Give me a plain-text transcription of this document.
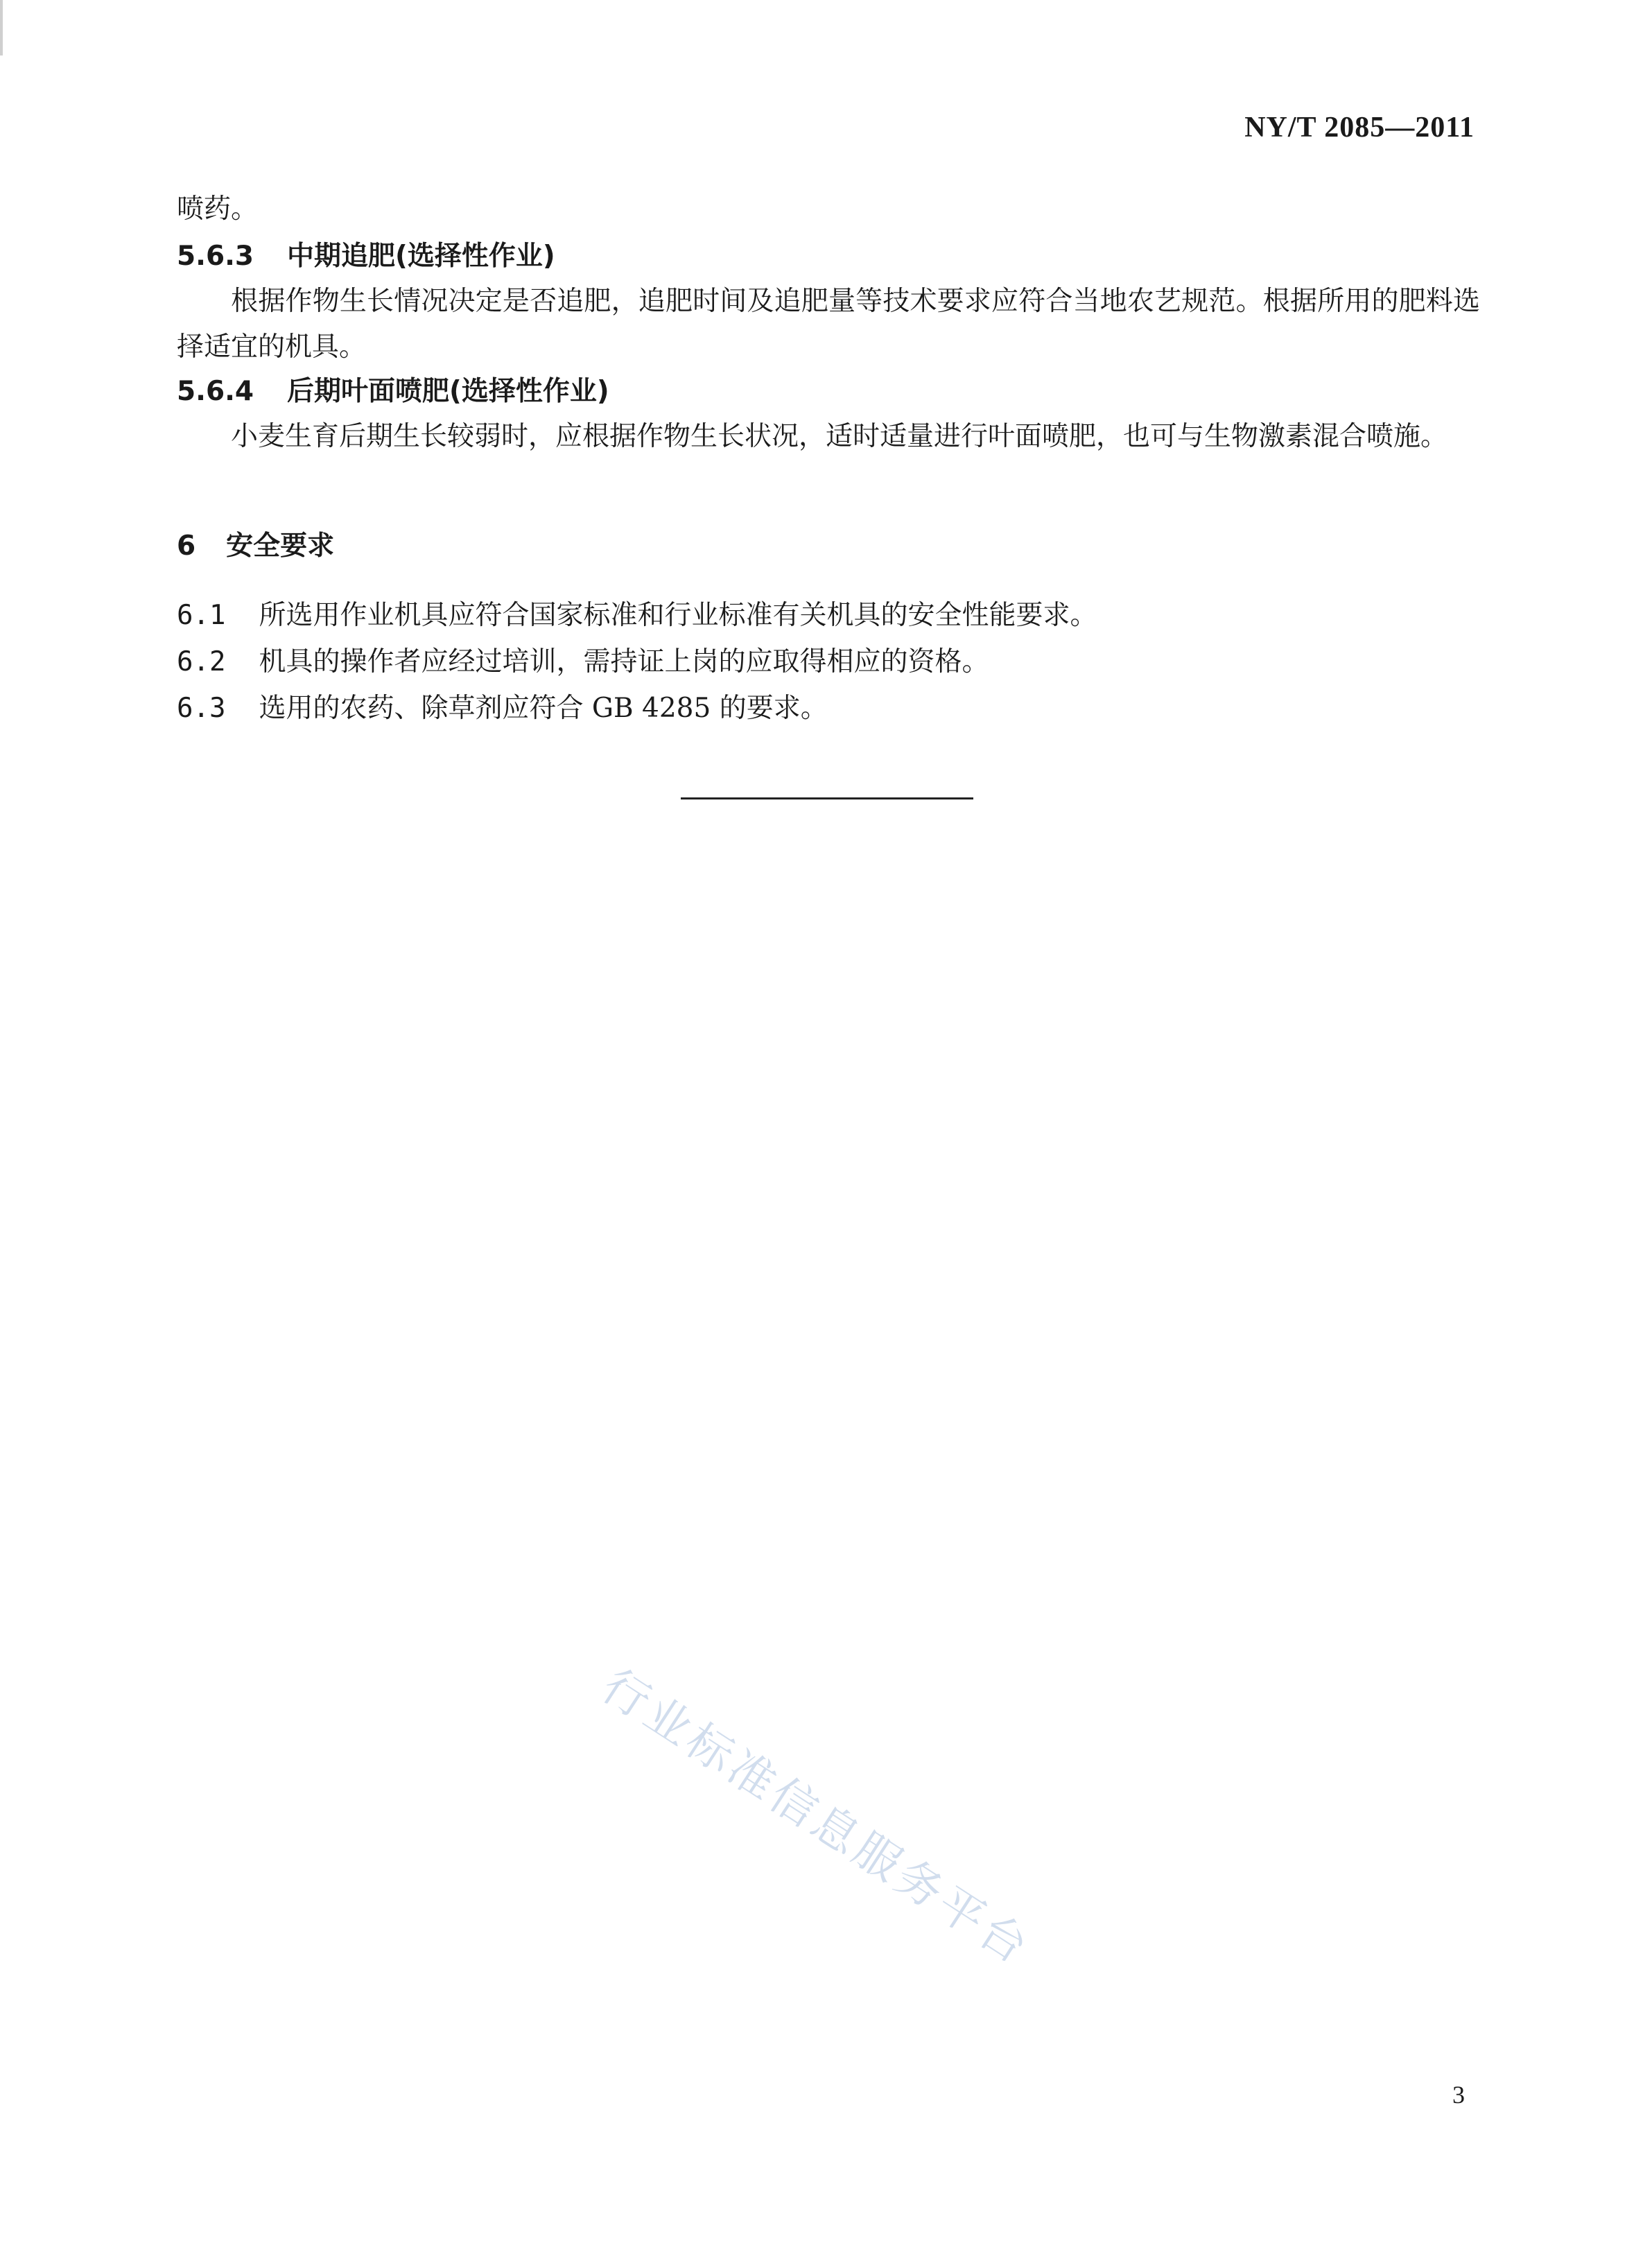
NY/T 2085—2011
喷药。
5.6.3 中期追肥(选择性作业)
根据作物生长情况决定是否追肥，追肥时间及追肥量等技术要求应符合当地农艺规范。根据所用的肥料选择适宜的机具。
5.6.4 后期叶面喷肥(选择性作业)
小麦生育后期生长较弱时，应根据作物生长状况，适时适量进行叶面喷肥，也可与生物激素混合喷施。
6 安全要求
6.1 所选用作业机具应符合国家标准和行业标准有关机具的安全性能要求。
6.2 机具的操作者应经过培训，需持证上岗的应取得相应的资格。
6.3 选用的农药、除草剂应符合 GB 4285 的要求。
行业标准信息服务平台
3
